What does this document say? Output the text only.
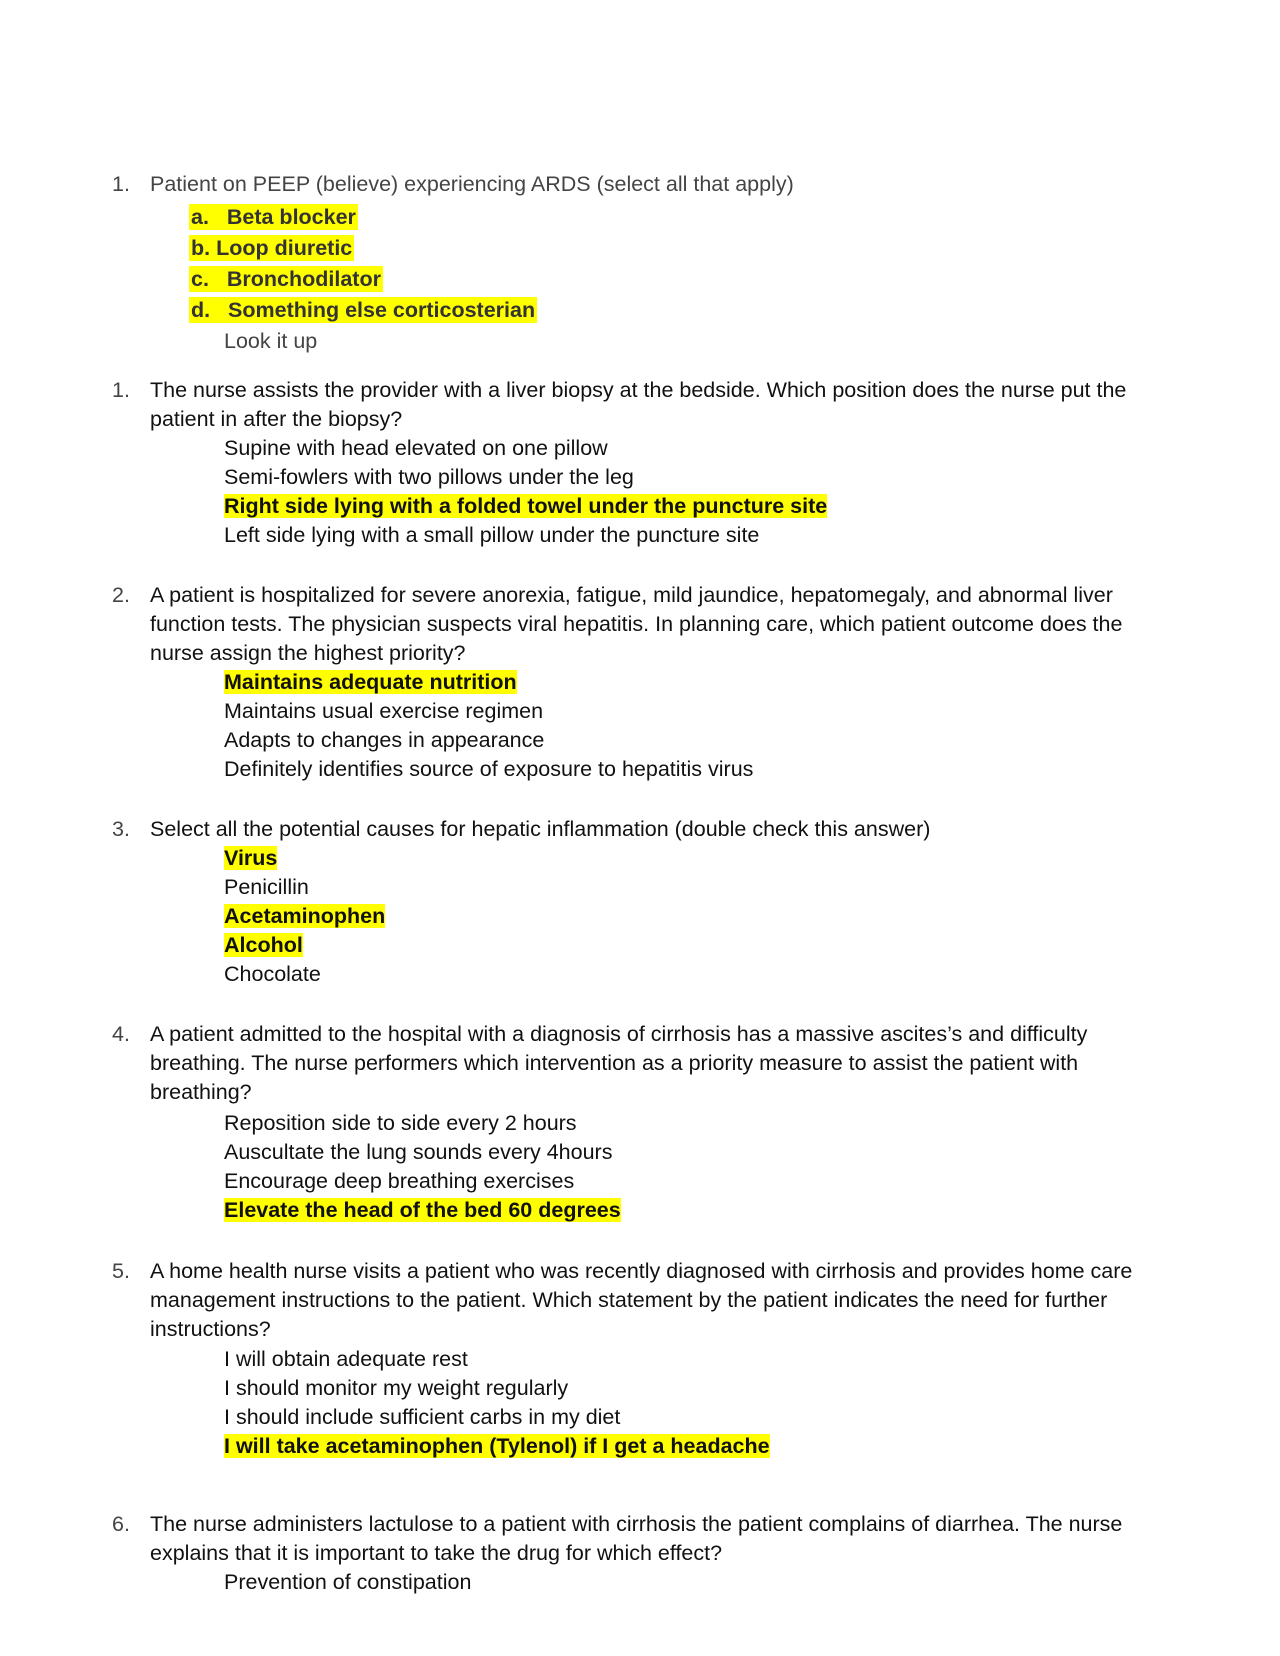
1. Patient on PEEP (believe) experiencing ARDS (select all that apply)
a. Beta blocker
b. Loop diuretic
c. Bronchodilator
d. Something else corticosterian
Look it up
1. The nurse assists the provider with a liver biopsy at the bedside. Which position does the nurse put the
patient in after the biopsy?
Supine with head elevated on one pillow
Semi-fowlers with two pillows under the leg
Right side lying with a folded towel under the puncture site
Left side lying with a small pillow under the puncture site
2. A patient is hospitalized for severe anorexia, fatigue, mild jaundice, hepatomegaly, and abnormal liver
function tests. The physician suspects viral hepatitis. In planning care, which patient outcome does the
nurse assign the highest priority?
Maintains adequate nutrition
Maintains usual exercise regimen
Adapts to changes in appearance
Definitely identifies source of exposure to hepatitis virus
3. Select all the potential causes for hepatic inflammation (double check this answer)
Virus
Penicillin
Acetaminophen
Alcohol
Chocolate
4. A patient admitted to the hospital with a diagnosis of cirrhosis has a massive ascites’s and difficulty
breathing. The nurse performers which intervention as a priority measure to assist the patient with
breathing?
Reposition side to side every 2 hours
Auscultate the lung sounds every 4hours
Encourage deep breathing exercises
Elevate the head of the bed 60 degrees
5. A home health nurse visits a patient who was recently diagnosed with cirrhosis and provides home care
management instructions to the patient. Which statement by the patient indicates the need for further
instructions?
I will obtain adequate rest
I should monitor my weight regularly
I should include sufficient carbs in my diet
I will take acetaminophen (Tylenol) if I get a headache
6. The nurse administers lactulose to a patient with cirrhosis the patient complains of diarrhea. The nurse
explains that it is important to take the drug for which effect?
Prevention of constipation
